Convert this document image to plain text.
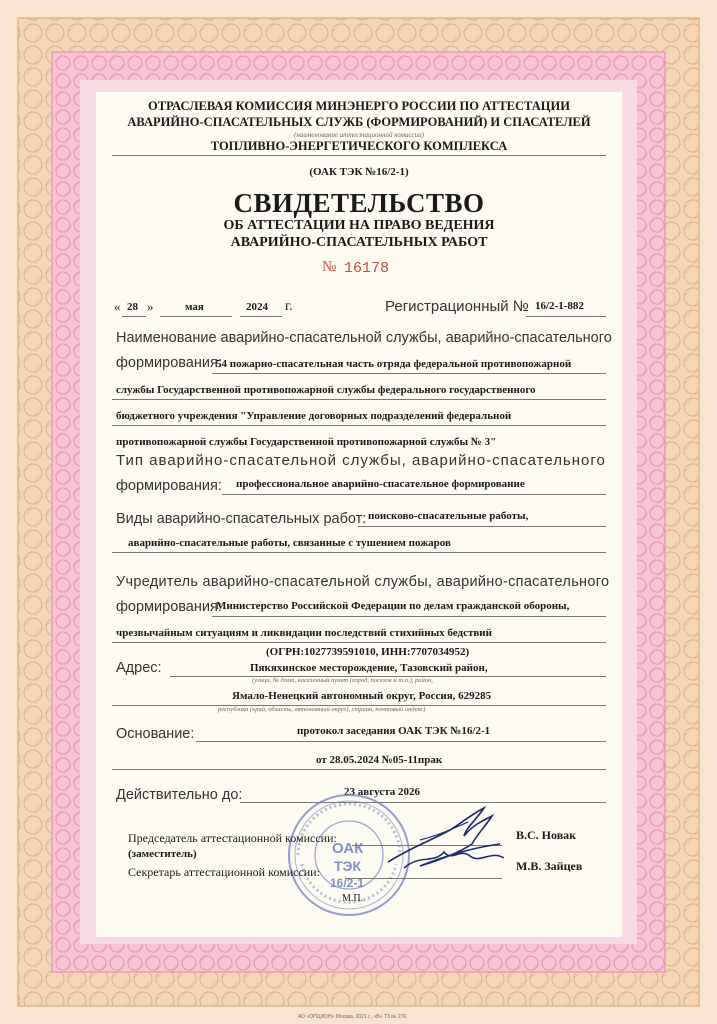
ОТРАСЛЕВАЯ КОМИССИЯ МИНЭНЕРГО РОССИИ ПО АТТЕСТАЦИИ
АВАРИЙНО-СПАСАТЕЛЬНЫХ СЛУЖБ (ФОРМИРОВАНИЙ) И СПАСАТЕЛЕЙ
(наименование аттестационной комиссии)
ТОПЛИВНО-ЭНЕРГЕТИЧЕСКОГО КОМПЛЕКСА
(ОАК ТЭК №16/2-1)
СВИДЕТЕЛЬСТВО
ОБ АТТЕСТАЦИИ НА ПРАВО ВЕДЕНИЯ
АВАРИЙНО-СПАСАТЕЛЬНЫХ РАБОТ
№ 16178
« 28 »	мая	2024 г.	Регистрационный № 16/2-1-882
Наименование аварийно-спасательной службы, аварийно-спасательного
формирования:
54 пожарно-спасательная часть отряда федеральной противопожарной
службы Государственной противопожарной службы федерального государственного
бюджетного учреждения "Управление договорных подразделений федеральной
противопожарной службы Государственной противопожарной службы № 3"
Тип аварийно-спасательной службы, аварийно-спасательного
формирования: профессиональное аварийно-спасательное формирование
Виды аварийно-спасательных работ: поисково-спасательные работы,
аварийно-спасательные работы, связанные с тушением пожаров
Учредитель аварийно-спасательной службы, аварийно-спасательного
формирования:
Министерство Российской Федерации по делам гражданской обороны,
чрезвычайным ситуациям и ликвидации последствий стихийных бедствий
(ОГРН:1027739591010, ИНН:7707034952)
Адрес:	Пякяхинское месторождение, Тазовский район,
(улица, № дома, населенный пункт (город, поселок и т.п.), район,
Ямало-Ненецкий автономный округ, Россия, 629285
республика (край, область, автономный округ), страна, почтовый индекс)
Основание:	протокол заседания ОАК ТЭК №16/2-1
от 28.05.2024 №05-11прак
Действительно до:	23 августа 2026
ОАК
ТЭК
16/2-1
М.П.
Председатель аттестационной комиссии:
(заместитель)
В.С. Новак
Секретарь аттестационной комиссии:	М.В. Зайцев
АО «ОПЦИОН» Москва, 2021 г., «В» ТЗ № 276
